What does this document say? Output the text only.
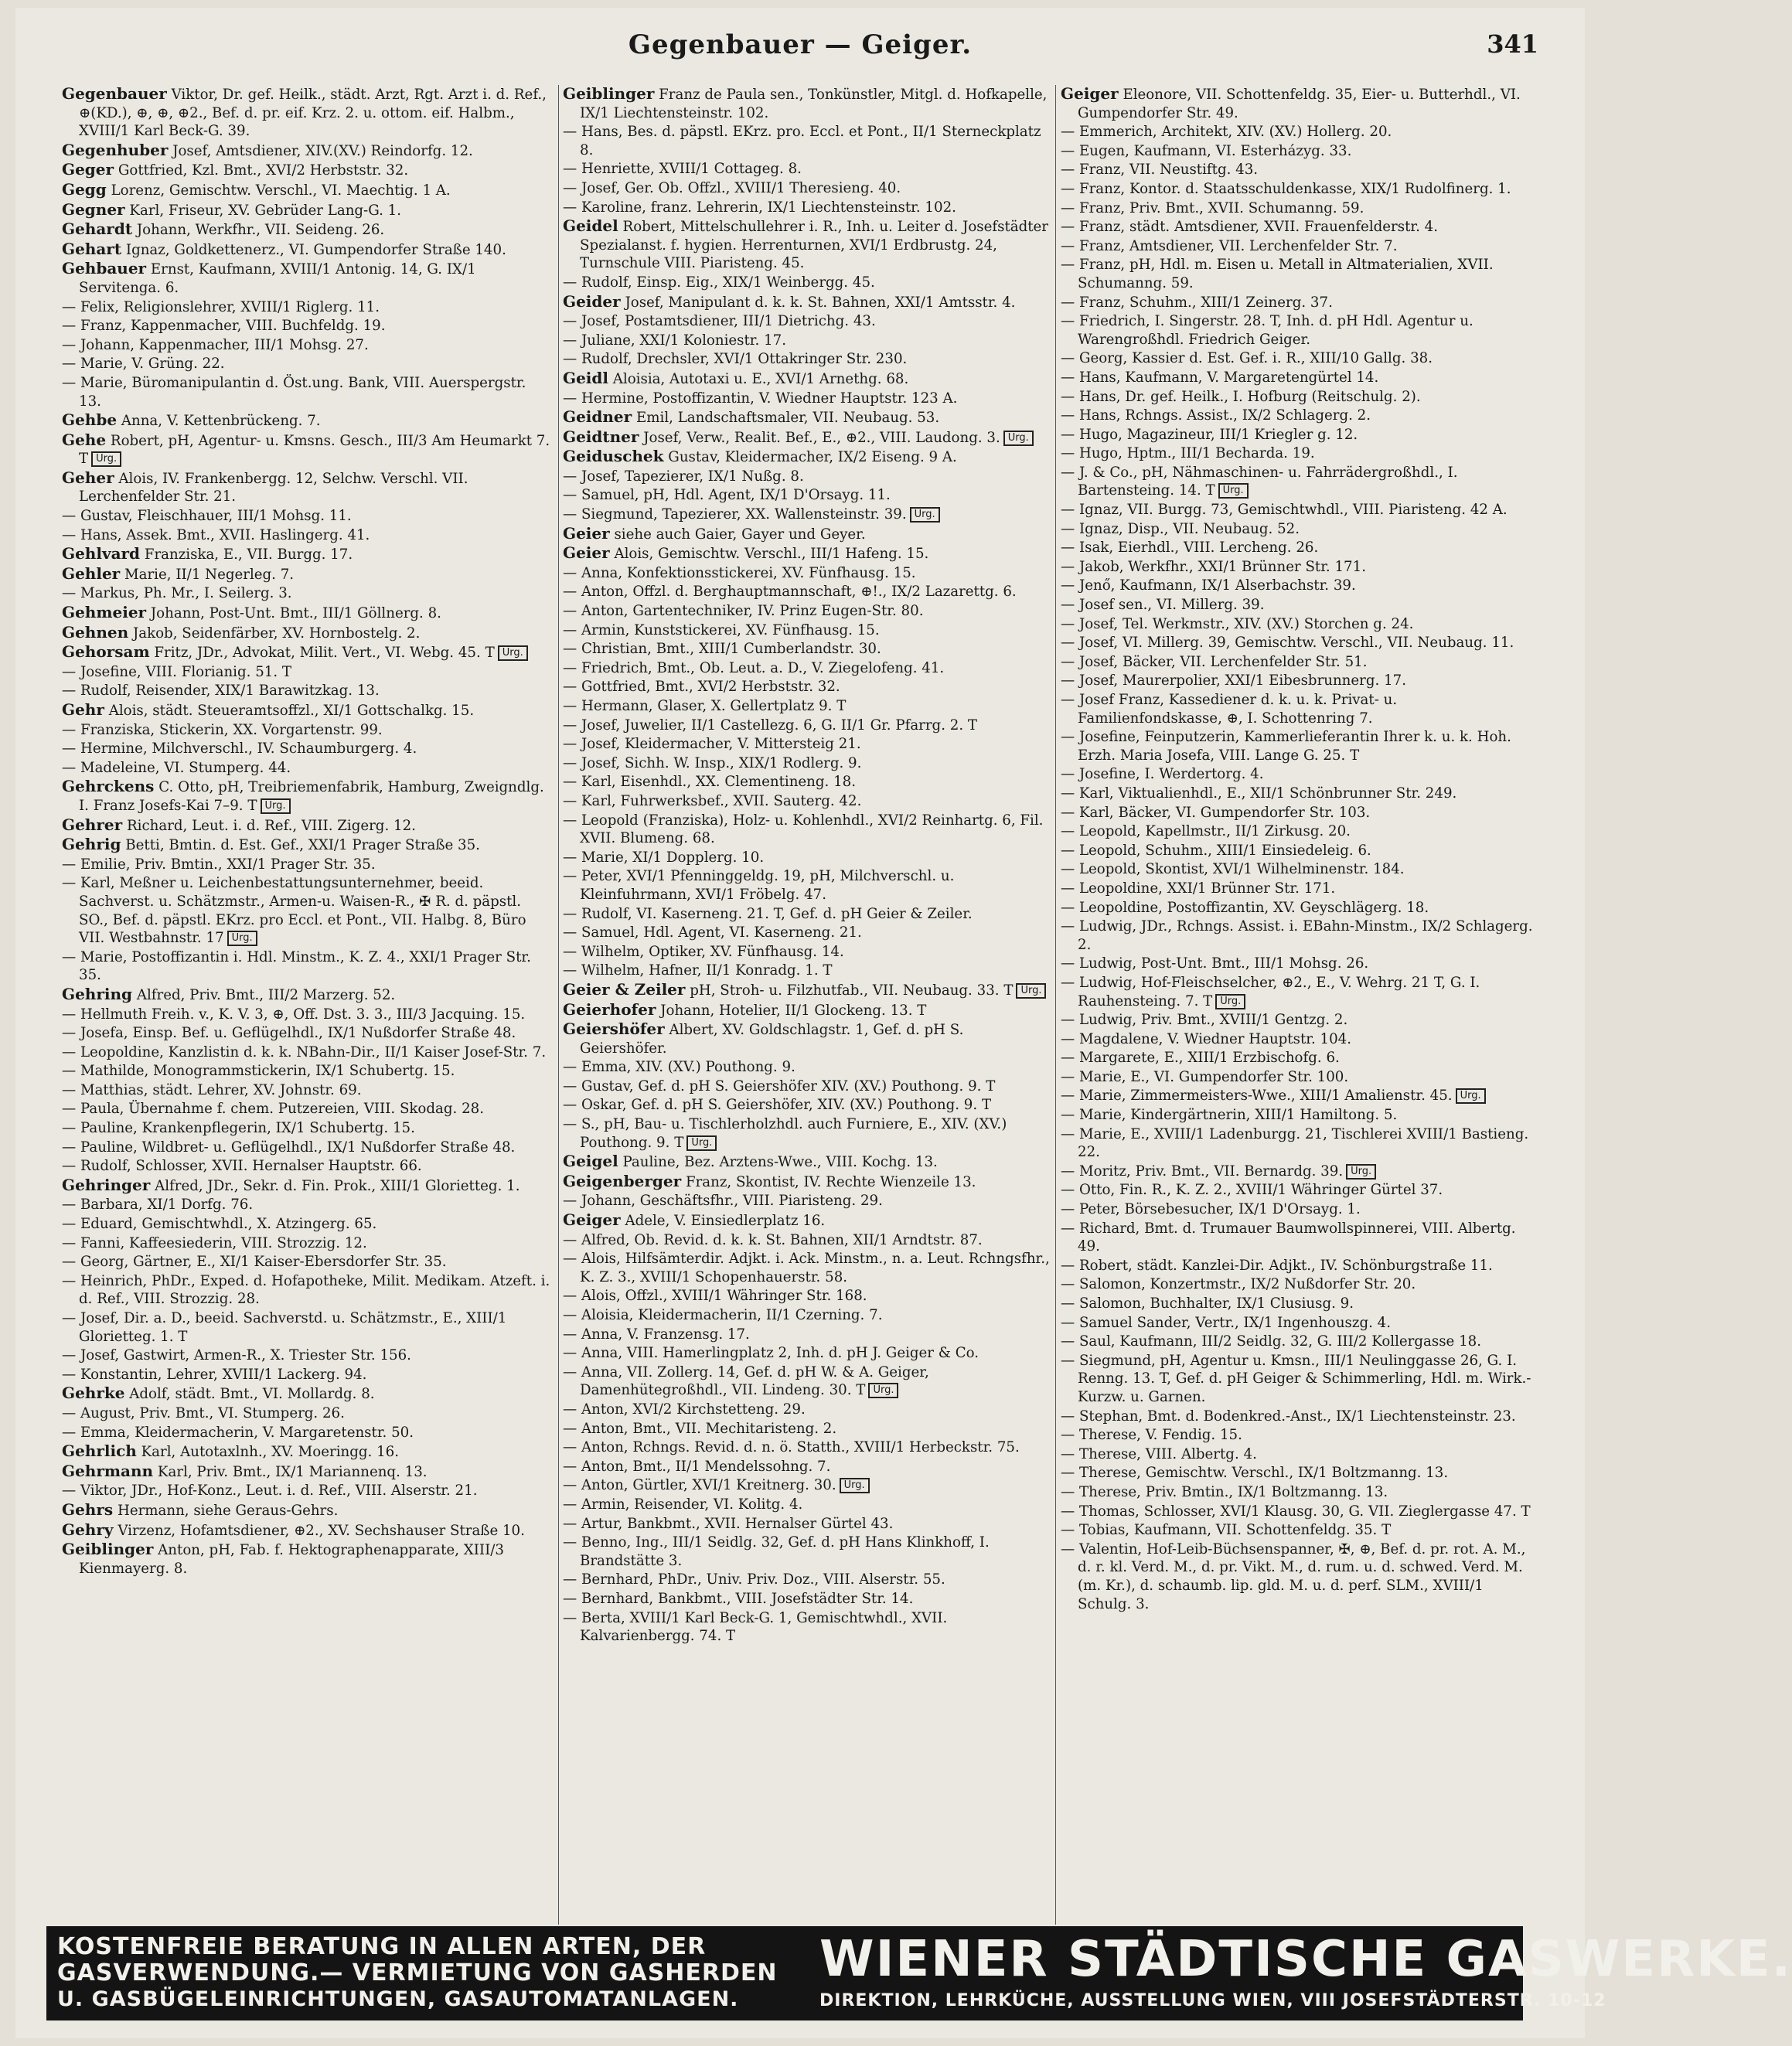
Gegenbauer — Geiger.	341
Gegenbauer Viktor, Dr. gef. Heilk., städt. Arzt, Rgt. Arzt i. d. Ref., ⊕(KD.), ⊕, ⊕, ⊕2., Bef. d. pr. eif. Krz. 2. u. ottom. eif. Halbm., XVIII/1 Karl Beck-G. 39.
Gegenhuber Josef, Amtsdiener, XIV.(XV.) Reindorfg. 12.
Geger Gottfried, Kzl. Bmt., XVI/2 Herbststr. 32.
Gegg Lorenz, Gemischtw. Verschl., VI. Maechtig. 1 A.
Gegner Karl, Friseur, XV. Gebrüder Lang-G. 1.
Gehardt Johann, Werkfhr., VII. Seideng. 26.
Gehart Ignaz, Goldkettenerz., VI. Gumpendorfer Straße 140.
Gehbauer Ernst, Kaufmann, XVIII/1 Antonig. 14, G. IX/1 Servitenga. 6.
— Felix, Religionslehrer, XVIII/1 Riglerg. 11.
— Franz, Kappenmacher, VIII. Buchfeldg. 19.
— Johann, Kappenmacher, III/1 Mohsg. 27.
— Marie, V. Grüng. 22.
— Marie, Büromanipulantin d. Öst.ung. Bank, VIII. Auerspergstr. 13.
Gehbe Anna, V. Kettenbrückeng. 7.
Gehe Robert, pH, Agentur- u. Kmsns. Gesch., III/3 Am Heumarkt 7. T Urg.
Geher Alois, IV. Frankenbergg. 12, Selchw. Verschl. VII. Lerchenfelder Str. 21.
— Gustav, Fleischhauer, III/1 Mohsg. 11.
— Hans, Assek. Bmt., XVII. Haslingerg. 41.
Gehlvard Franziska, E., VII. Burgg. 17.
Gehler Marie, II/1 Negerleg. 7.
— Markus, Ph. Mr., I. Seilerg. 3.
Gehmeier Johann, Post-Unt. Bmt., III/1 Göllnerg. 8.
Gehnen Jakob, Seidenfärber, XV. Hornbostelg. 2.
Gehorsam Fritz, JDr., Advokat, Milit. Vert., VI. Webg. 45. T Urg.
— Josefine, VIII. Florianig. 51. T
— Rudolf, Reisender, XIX/1 Barawitzkag. 13.
Gehr Alois, städt. Steueramtsoffzl., XI/1 Gottschalkg. 15.
— Franziska, Stickerin, XX. Vorgartenstr. 99.
— Hermine, Milchverschl., IV. Schaumburgerg. 4.
— Madeleine, VI. Stumperg. 44.
Gehrckens C. Otto, pH, Treibriemenfabrik, Hamburg, Zweigndlg. I. Franz Josefs-Kai 7–9. T Urg.
Gehrer Richard, Leut. i. d. Ref., VIII. Zigerg. 12.
Gehrig Betti, Bmtin. d. Est. Gef., XXI/1 Prager Straße 35.
— Emilie, Priv. Bmtin., XXI/1 Prager Str. 35.
— Karl, Meßner u. Leichenbestattungsunternehmer, beeid. Sachverst. u. Schätzmstr., Armen-u. Waisen-R., ✠ R. d. päpstl. SO., Bef. d. päpstl. EKrz. pro Eccl. et Pont., VII. Halbg. 8, Büro VII. Westbahnstr. 17 Urg.
— Marie, Postoffizantin i. Hdl. Minstm., K. Z. 4., XXI/1 Prager Str. 35.
Gehring Alfred, Priv. Bmt., III/2 Marzerg. 52.
— Hellmuth Freih. v., K. V. 3, ⊕, Off. Dst. 3. 3., III/3 Jacquing. 15.
— Josefa, Einsp. Bef. u. Geflügelhdl., IX/1 Nußdorfer Straße 48.
— Leopoldine, Kanzlistin d. k. k. NBahn-Dir., II/1 Kaiser Josef-Str. 7.
— Mathilde, Monogrammstickerin, IX/1 Schubertg. 15.
— Matthias, städt. Lehrer, XV. Johnstr. 69.
— Paula, Übernahme f. chem. Putzereien, VIII. Skodag. 28.
— Pauline, Krankenpflegerin, IX/1 Schubertg. 15.
— Pauline, Wildbret- u. Geflügelhdl., IX/1 Nußdorfer Straße 48.
— Rudolf, Schlosser, XVII. Hernalser Hauptstr. 66.
Gehringer Alfred, JDr., Sekr. d. Fin. Prok., XIII/1 Glorietteg. 1.
— Barbara, XI/1 Dorfg. 76.
— Eduard, Gemischtwhdl., X. Atzingerg. 65.
— Fanni, Kaffeesiederin, VIII. Strozzig. 12.
— Georg, Gärtner, E., XI/1 Kaiser-Ebersdorfer Str. 35.
— Heinrich, PhDr., Exped. d. Hofapotheke, Milit. Medikam. Atzeft. i. d. Ref., VIII. Strozzig. 28.
— Josef, Dir. a. D., beeid. Sachverstd. u. Schätzmstr., E., XIII/1 Glorietteg. 1. T
— Josef, Gastwirt, Armen-R., X. Triester Str. 156.
— Konstantin, Lehrer, XVIII/1 Lackerg. 94.
Gehrke Adolf, städt. Bmt., VI. Mollardg. 8.
— August, Priv. Bmt., VI. Stumperg. 26.
— Emma, Kleidermacherin, V. Margaretenstr. 50.
Gehrlich Karl, Autotaxlnh., XV. Moeringg. 16.
Gehrmann Karl, Priv. Bmt., IX/1 Mariannenq. 13.
— Viktor, JDr., Hof-Konz., Leut. i. d. Ref., VIII. Alserstr. 21.
Gehrs Hermann, siehe Geraus-Gehrs.
Gehry Virzenz, Hofamtsdiener, ⊕2., XV. Sechshauser Straße 10.
Geiblinger Anton, pH, Fab. f. Hektographenapparate, XIII/3 Kienmayerg. 8.
Geiblinger Franz de Paula sen., Tonkünstler, Mitgl. d. Hofkapelle, IX/1 Liechtensteinstr. 102.
— Hans, Bes. d. päpstl. EKrz. pro. Eccl. et Pont., II/1 Sterneckplatz 8.
— Henriette, XVIII/1 Cottageg. 8.
— Josef, Ger. Ob. Offzl., XVIII/1 Theresieng. 40.
— Karoline, franz. Lehrerin, IX/1 Liechtensteinstr. 102.
Geidel Robert, Mittelschullehrer i. R., Inh. u. Leiter d. Josefstädter Spezialanst. f. hygien. Herrenturnen, XVI/1 Erdbrustg. 24, Turnschule VIII. Piaristeng. 45.
— Rudolf, Einsp. Eig., XIX/1 Weinbergg. 45.
Geider Josef, Manipulant d. k. k. St. Bahnen, XXI/1 Amtsstr. 4.
— Josef, Postamtsdiener, III/1 Dietrichg. 43.
— Juliane, XXI/1 Koloniestr. 17.
— Rudolf, Drechsler, XVI/1 Ottakringer Str. 230.
Geidl Aloisia, Autotaxi u. E., XVI/1 Arnethg. 68.
— Hermine, Postoffizantin, V. Wiedner Hauptstr. 123 A.
Geidner Emil, Landschaftsmaler, VII. Neubaug. 53.
Geidtner Josef, Verw., Realit. Bef., E., ⊕2., VIII. Laudong. 3. Urg.
Geiduschek Gustav, Kleidermacher, IX/2 Eiseng. 9 A.
— Josef, Tapezierer, IX/1 Nußg. 8.
— Samuel, pH, Hdl. Agent, IX/1 D'Orsayg. 11.
— Siegmund, Tapezierer, XX. Wallensteinstr. 39. Urg.
Geier siehe auch Gaier, Gayer und Geyer.
Geier Alois, Gemischtw. Verschl., III/1 Hafeng. 15.
— Anna, Konfektionsstickerei, XV. Fünfhausg. 15.
— Anton, Offzl. d. Berghauptmannschaft, ⊕!., IX/2 Lazarettg. 6.
— Anton, Gartentechniker, IV. Prinz Eugen-Str. 80.
— Armin, Kunststickerei, XV. Fünfhausg. 15.
— Christian, Bmt., XIII/1 Cumberlandstr. 30.
— Friedrich, Bmt., Ob. Leut. a. D., V. Ziegelofeng. 41.
— Gottfried, Bmt., XVI/2 Herbststr. 32.
— Hermann, Glaser, X. Gellertplatz 9. T
— Josef, Juwelier, II/1 Castellezg. 6, G. II/1 Gr. Pfarrg. 2. T
— Josef, Kleidermacher, V. Mittersteig 21.
— Josef, Sichh. W. Insp., XIX/1 Rodlerg. 9.
— Karl, Eisenhdl., XX. Clementineng. 18.
— Karl, Fuhrwerksbef., XVII. Sauterg. 42.
— Leopold (Franziska), Holz- u. Kohlenhdl., XVI/2 Reinhartg. 6, Fil. XVII. Blumeng. 68.
— Marie, XI/1 Dopplerg. 10.
— Peter, XVI/1 Pfenninggeldg. 19, pH, Milchverschl. u. Kleinfuhrmann, XVI/1 Fröbelg. 47.
— Rudolf, VI. Kaserneng. 21. T, Gef. d. pH Geier & Zeiler.
— Samuel, Hdl. Agent, VI. Kaserneng. 21.
— Wilhelm, Optiker, XV. Fünfhausg. 14.
— Wilhelm, Hafner, II/1 Konradg. 1. T
Geier & Zeiler pH, Stroh- u. Filzhutfab., VII. Neubaug. 33. T Urg.
Geierhofer Johann, Hotelier, II/1 Glockeng. 13. T
Geiershöfer Albert, XV. Goldschlagstr. 1, Gef. d. pH S. Geiershöfer.
— Emma, XIV. (XV.) Pouthong. 9.
— Gustav, Gef. d. pH S. Geiershöfer XIV. (XV.) Pouthong. 9. T
— Oskar, Gef. d. pH S. Geiershöfer, XIV. (XV.) Pouthong. 9. T
— S., pH, Bau- u. Tischlerholzhdl. auch Furniere, E., XIV. (XV.) Pouthong. 9. T Urg.
Geigel Pauline, Bez. Arztens-Wwe., VIII. Kochg. 13.
Geigenberger Franz, Skontist, IV. Rechte Wienzeile 13.
— Johann, Geschäftsfhr., VIII. Piaristeng. 29.
Geiger Adele, V. Einsiedlerplatz 16.
— Alfred, Ob. Revid. d. k. k. St. Bahnen, XII/1 Arndtstr. 87.
— Alois, Hilfsämterdir. Adjkt. i. Ack. Minstm., n. a. Leut. Rchngsfhr., K. Z. 3., XVIII/1 Schopenhauerstr. 58.
— Alois, Offzl., XVIII/1 Währinger Str. 168.
— Aloisia, Kleidermacherin, II/1 Czerning. 7.
— Anna, V. Franzensg. 17.
— Anna, VIII. Hamerlingplatz 2, Inh. d. pH J. Geiger & Co.
— Anna, VII. Zollerg. 14, Gef. d. pH W. & A. Geiger, Damenhütegroßhdl., VII. Lindeng. 30. T Urg.
— Anton, XVI/2 Kirchstetteng. 29.
— Anton, Bmt., VII. Mechitaristeng. 2.
— Anton, Rchngs. Revid. d. n. ö. Statth., XVIII/1 Herbeckstr. 75.
— Anton, Bmt., II/1 Mendelssohng. 7.
— Anton, Gürtler, XVI/1 Kreitnerg. 30. Urg.
— Armin, Reisender, VI. Kolitg. 4.
— Artur, Bankbmt., XVII. Hernalser Gürtel 43.
— Benno, Ing., III/1 Seidlg. 32, Gef. d. pH Hans Klinkhoff, I. Brandstätte 3.
— Bernhard, PhDr., Univ. Priv. Doz., VIII. Alserstr. 55.
— Bernhard, Bankbmt., VIII. Josefstädter Str. 14.
— Berta, XVIII/1 Karl Beck-G. 1, Gemischtwhdl., XVII. Kalvarienbergg. 74. T
Geiger Eleonore, VII. Schottenfeldg. 35, Eier- u. Butterhdl., VI. Gumpendorfer Str. 49.
— Emmerich, Architekt, XIV. (XV.) Hollerg. 20.
— Eugen, Kaufmann, VI. Esterházyg. 33.
— Franz, VII. Neustiftg. 43.
— Franz, Kontor. d. Staatsschuldenkasse, XIX/1 Rudolfinerg. 1.
— Franz, Priv. Bmt., XVII. Schumanng. 59.
— Franz, städt. Amtsdiener, XVII. Frauenfelderstr. 4.
— Franz, Amtsdiener, VII. Lerchenfelder Str. 7.
— Franz, pH, Hdl. m. Eisen u. Metall in Altmaterialien, XVII. Schumanng. 59.
— Franz, Schuhm., XIII/1 Zeinerg. 37.
— Friedrich, I. Singerstr. 28. T, Inh. d. pH Hdl. Agentur u. Warengroßhdl. Friedrich Geiger.
— Georg, Kassier d. Est. Gef. i. R., XIII/10 Gallg. 38.
— Hans, Kaufmann, V. Margaretengürtel 14.
— Hans, Dr. gef. Heilk., I. Hofburg (Reitschulg. 2).
— Hans, Rchngs. Assist., IX/2 Schlagerg. 2.
— Hugo, Magazineur, III/1 Kriegler g. 12.
— Hugo, Hptm., III/1 Becharda. 19.
— J. & Co., pH, Nähmaschinen- u. Fahrrädergroßhdl., I. Bartensteing. 14. T Urg.
— Ignaz, VII. Burgg. 73, Gemischtwhdl., VIII. Piaristeng. 42 A.
— Ignaz, Disp., VII. Neubaug. 52.
— Isak, Eierhdl., VIII. Lercheng. 26.
— Jakob, Werkfhr., XXI/1 Brünner Str. 171.
— Jenő, Kaufmann, IX/1 Alserbachstr. 39.
— Josef sen., VI. Millerg. 39.
— Josef, Tel. Werkmstr., XIV. (XV.) Storchen g. 24.
— Josef, VI. Millerg. 39, Gemischtw. Verschl., VII. Neubaug. 11.
— Josef, Bäcker, VII. Lerchenfelder Str. 51.
— Josef, Maurerpolier, XXI/1 Eibesbrunnerg. 17.
— Josef Franz, Kassediener d. k. u. k. Privat- u. Familienfondskasse, ⊕, I. Schottenring 7.
— Josefine, Feinputzerin, Kammerlieferantin Ihrer k. u. k. Hoh. Erzh. Maria Josefa, VIII. Lange G. 25. T
— Josefine, I. Werdertorg. 4.
— Karl, Viktualienhdl., E., XII/1 Schönbrunner Str. 249.
— Karl, Bäcker, VI. Gumpendorfer Str. 103.
— Leopold, Kapellmstr., II/1 Zirkusg. 20.
— Leopold, Schuhm., XIII/1 Einsiedeleig. 6.
— Leopold, Skontist, XVI/1 Wilhelminenstr. 184.
— Leopoldine, XXI/1 Brünner Str. 171.
— Leopoldine, Postoffizantin, XV. Geyschlägerg. 18.
— Ludwig, JDr., Rchngs. Assist. i. EBahn-Minstm., IX/2 Schlagerg. 2.
— Ludwig, Post-Unt. Bmt., III/1 Mohsg. 26.
— Ludwig, Hof-Fleischselcher, ⊕2., E., V. Wehrg. 21 T, G. I. Rauhensteing. 7. T Urg.
— Ludwig, Priv. Bmt., XVIII/1 Gentzg. 2.
— Magdalene, V. Wiedner Hauptstr. 104.
— Margarete, E., XIII/1 Erzbischofg. 6.
— Marie, E., VI. Gumpendorfer Str. 100.
— Marie, Zimmermeisters-Wwe., XIII/1 Amalienstr. 45. Urg.
— Marie, Kindergärtnerin, XIII/1 Hamiltong. 5.
— Marie, E., XVIII/1 Ladenburgg. 21, Tischlerei XVIII/1 Bastieng. 22.
— Moritz, Priv. Bmt., VII. Bernardg. 39. Urg.
— Otto, Fin. R., K. Z. 2., XVIII/1 Währinger Gürtel 37.
— Peter, Börsebesucher, IX/1 D'Orsayg. 1.
— Richard, Bmt. d. Trumauer Baumwollspinnerei, VIII. Albertg. 49.
— Robert, städt. Kanzlei-Dir. Adjkt., IV. Schönburgstraße 11.
— Salomon, Konzertmstr., IX/2 Nußdorfer Str. 20.
— Salomon, Buchhalter, IX/1 Clusiusg. 9.
— Samuel Sander, Vertr., IX/1 Ingenhouszg. 4.
— Saul, Kaufmann, III/2 Seidlg. 32, G. III/2 Kollergasse 18.
— Siegmund, pH, Agentur u. Kmsn., III/1 Neulinggasse 26, G. I. Renng. 13. T, Gef. d. pH Geiger & Schimmerling, Hdl. m. Wirk.- Kurzw. u. Garnen.
— Stephan, Bmt. d. Bodenkred.-Anst., IX/1 Liechtensteinstr. 23.
— Therese, V. Fendig. 15.
— Therese, VIII. Albertg. 4.
— Therese, Gemischtw. Verschl., IX/1 Boltzmanng. 13.
— Therese, Priv. Bmtin., IX/1 Boltzmanng. 13.
— Thomas, Schlosser, XVI/1 Klausg. 30, G. VII. Zieglergasse 47. T
— Tobias, Kaufmann, VII. Schottenfeldg. 35. T
— Valentin, Hof-Leib-Büchsenspanner, ✠, ⊕, Bef. d. pr. rot. A. M., d. r. kl. Verd. M., d. pr. Vikt. M., d. rum. u. d. schwed. Verd. M. (m. Kr.), d. schaumb. lip. gld. M. u. d. perf. SLM., XVIII/1 Schulg. 3.
KOSTENFREIE BERATUNG IN ALLEN ARTEN, DER
GASVERWENDUNG.— VERMIETUNG VON GASHERDEN
U. GASBÜGELEINRICHTUNGEN, GASAUTOMATANLAGEN.
WIENER STÄDTISCHE GASWERKE.
DIREKTION, LEHRKÜCHE, AUSSTELLUNG WIEN, VIII JOSEFSTÄDTERSTR. 10-12
